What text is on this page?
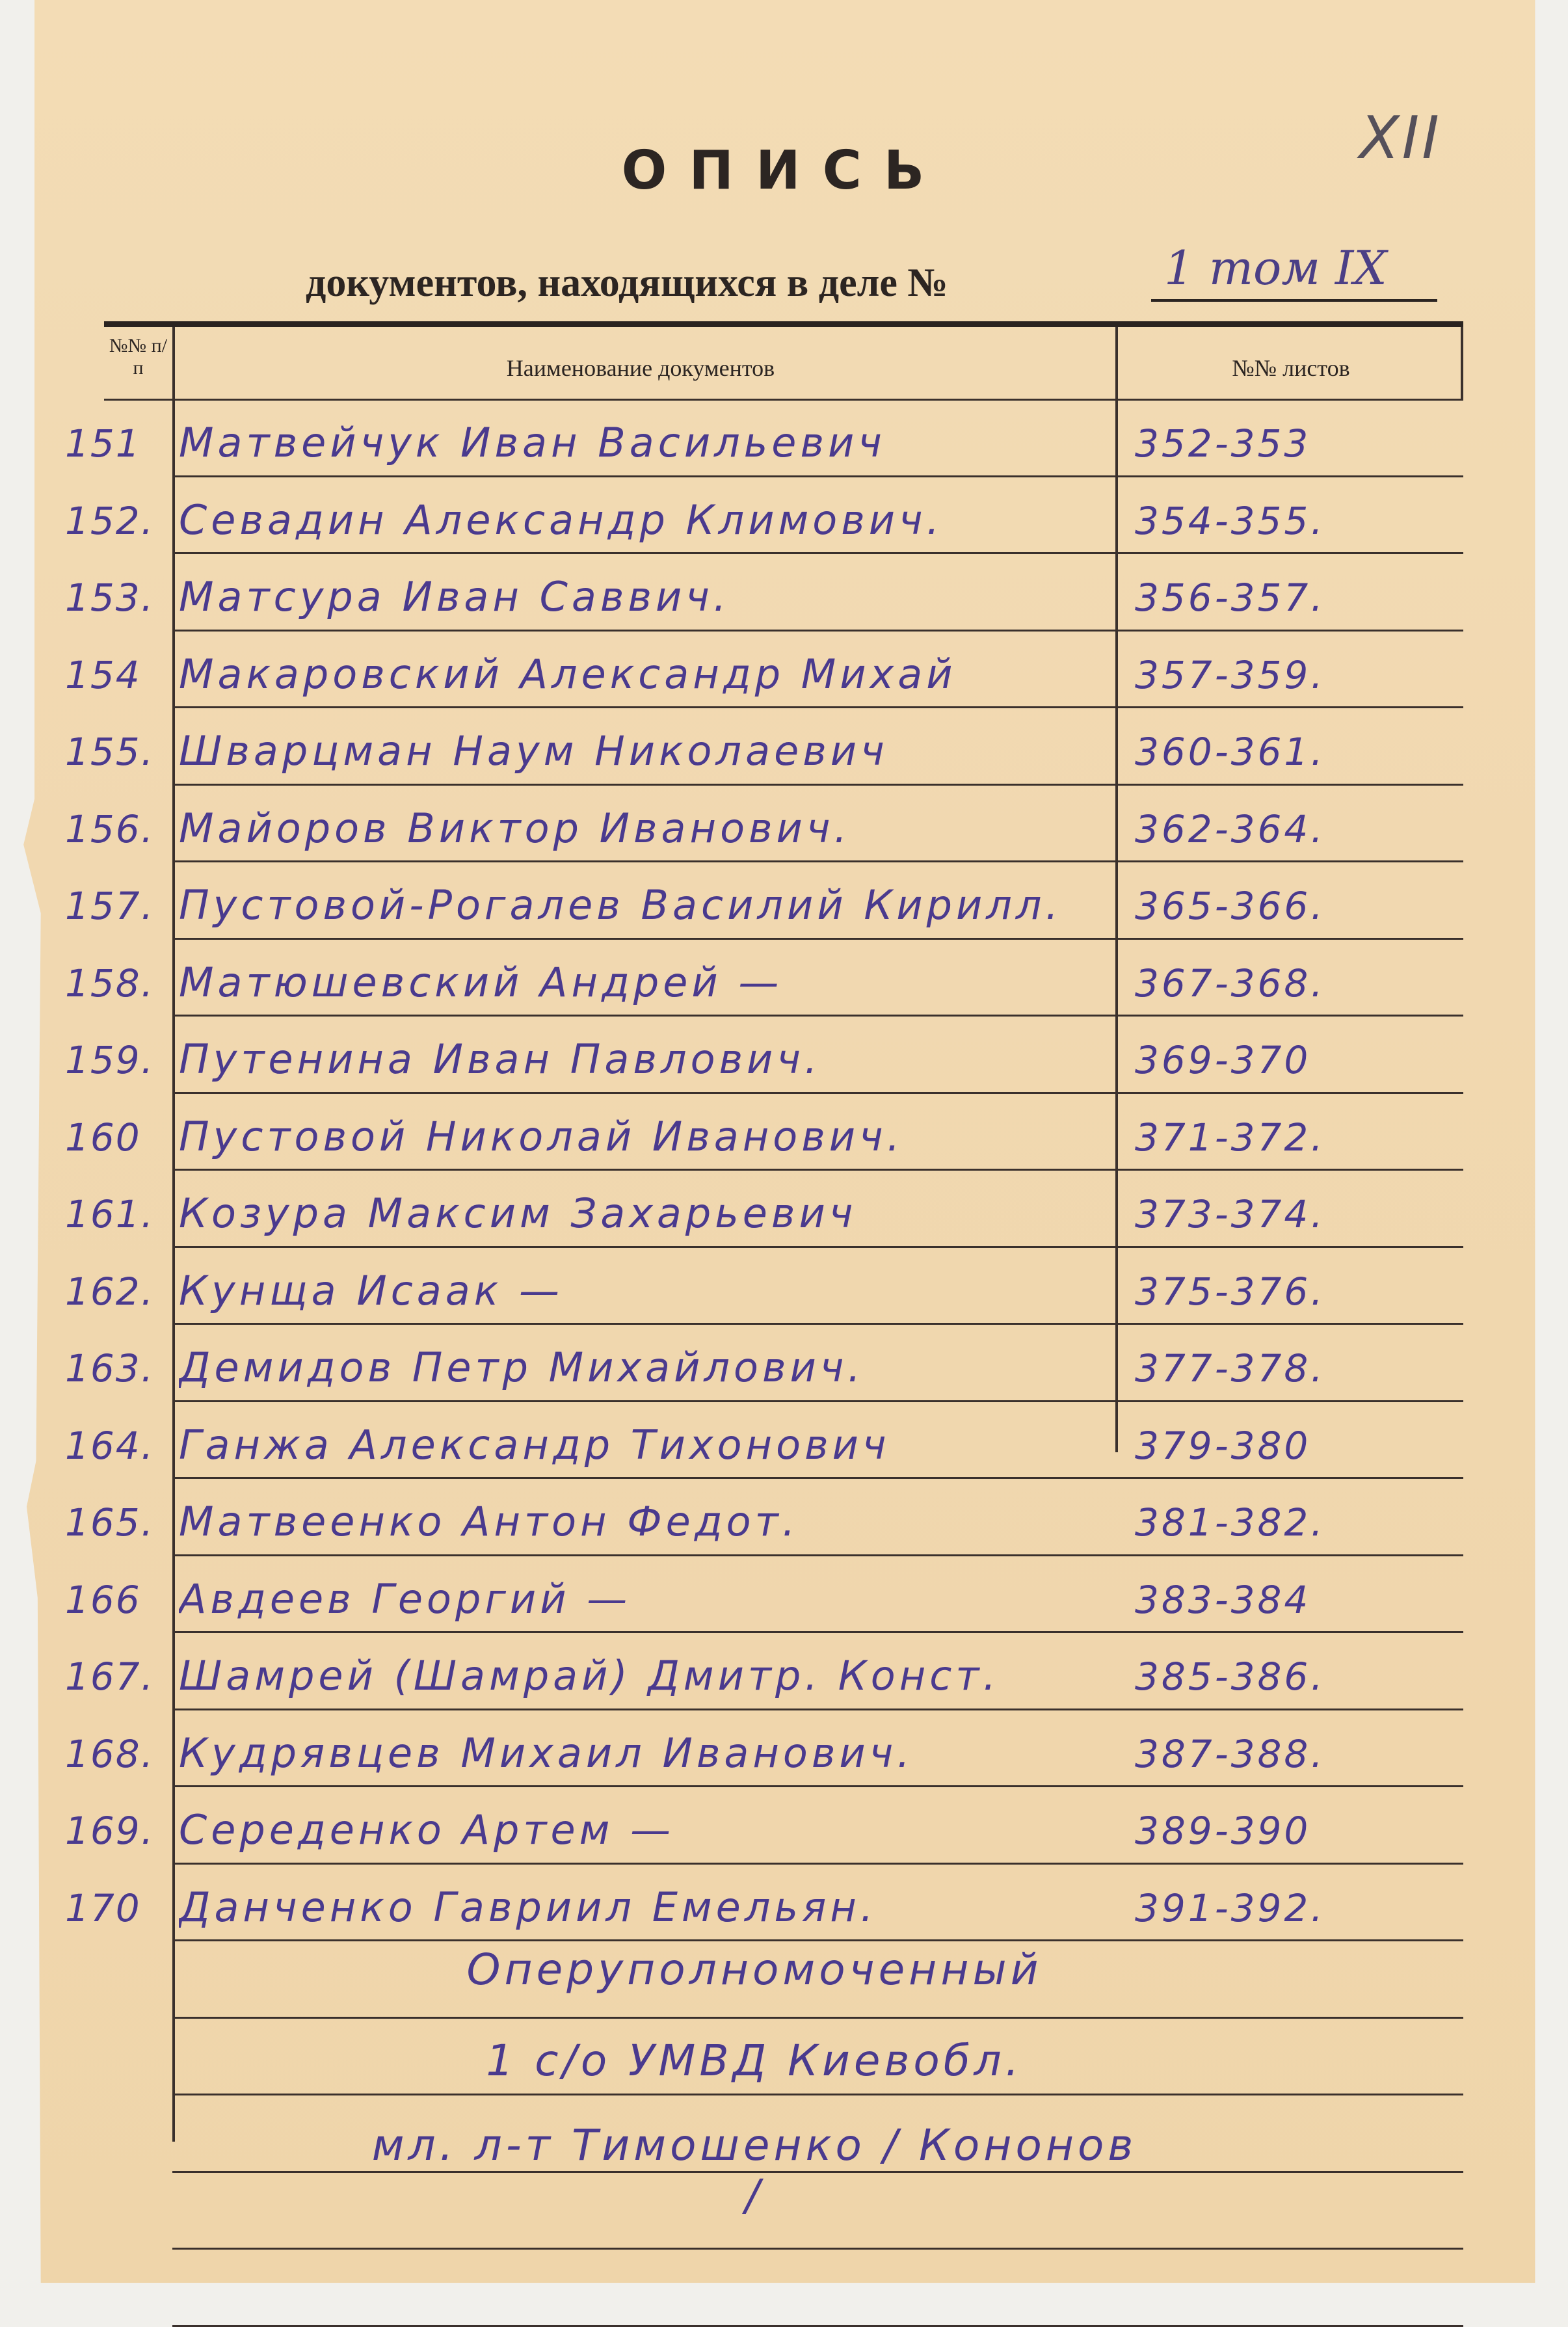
XII
ОПИСЬ
документов, находящихся в деле №	1 том IX
№№ п/п	Наименование документов	№№ листов
151 Матвейчук Иван Васильевич	352-353
152. Севадин Александр Климович.	354-355.
153. Матсура Иван Саввич.	356-357.
154 Макаровский Александр Михай	357-359.
155. Шварцман Наум Николаевич	360-361.
156. Майоров Виктор Иванович.	362-364.
157. Пустовой-Рогалев Василий Кирилл.	365-366.
158. Матюшевский Андрей —	367-368.
159. Путенина Иван Павлович.	369-370
160 Пустовой Николай Иванович.	371-372.
161. Козура Максим Захарьевич	373-374.
162. Кунща Исаак —	375-376.
163. Демидов Петр Михайлович.	377-378.
164. Ганжа Александр Тихонович	379-380
165. Матвеенко Антон Федот.	381-382.
166 Авдеев Георгий —	383-384
167. Шамрей (Шамрай) Дмитр. Конст.	385-386.
168. Кудрявцев Михаил Иванович.	387-388.
169. Середенко Артем —	389-390
170 Данченко Гавриил Емельян.	391-392.
Оперуполномоченный
1 с/о УМВД Киевобл.
мл. л-т Тимошенко / Кононов /
